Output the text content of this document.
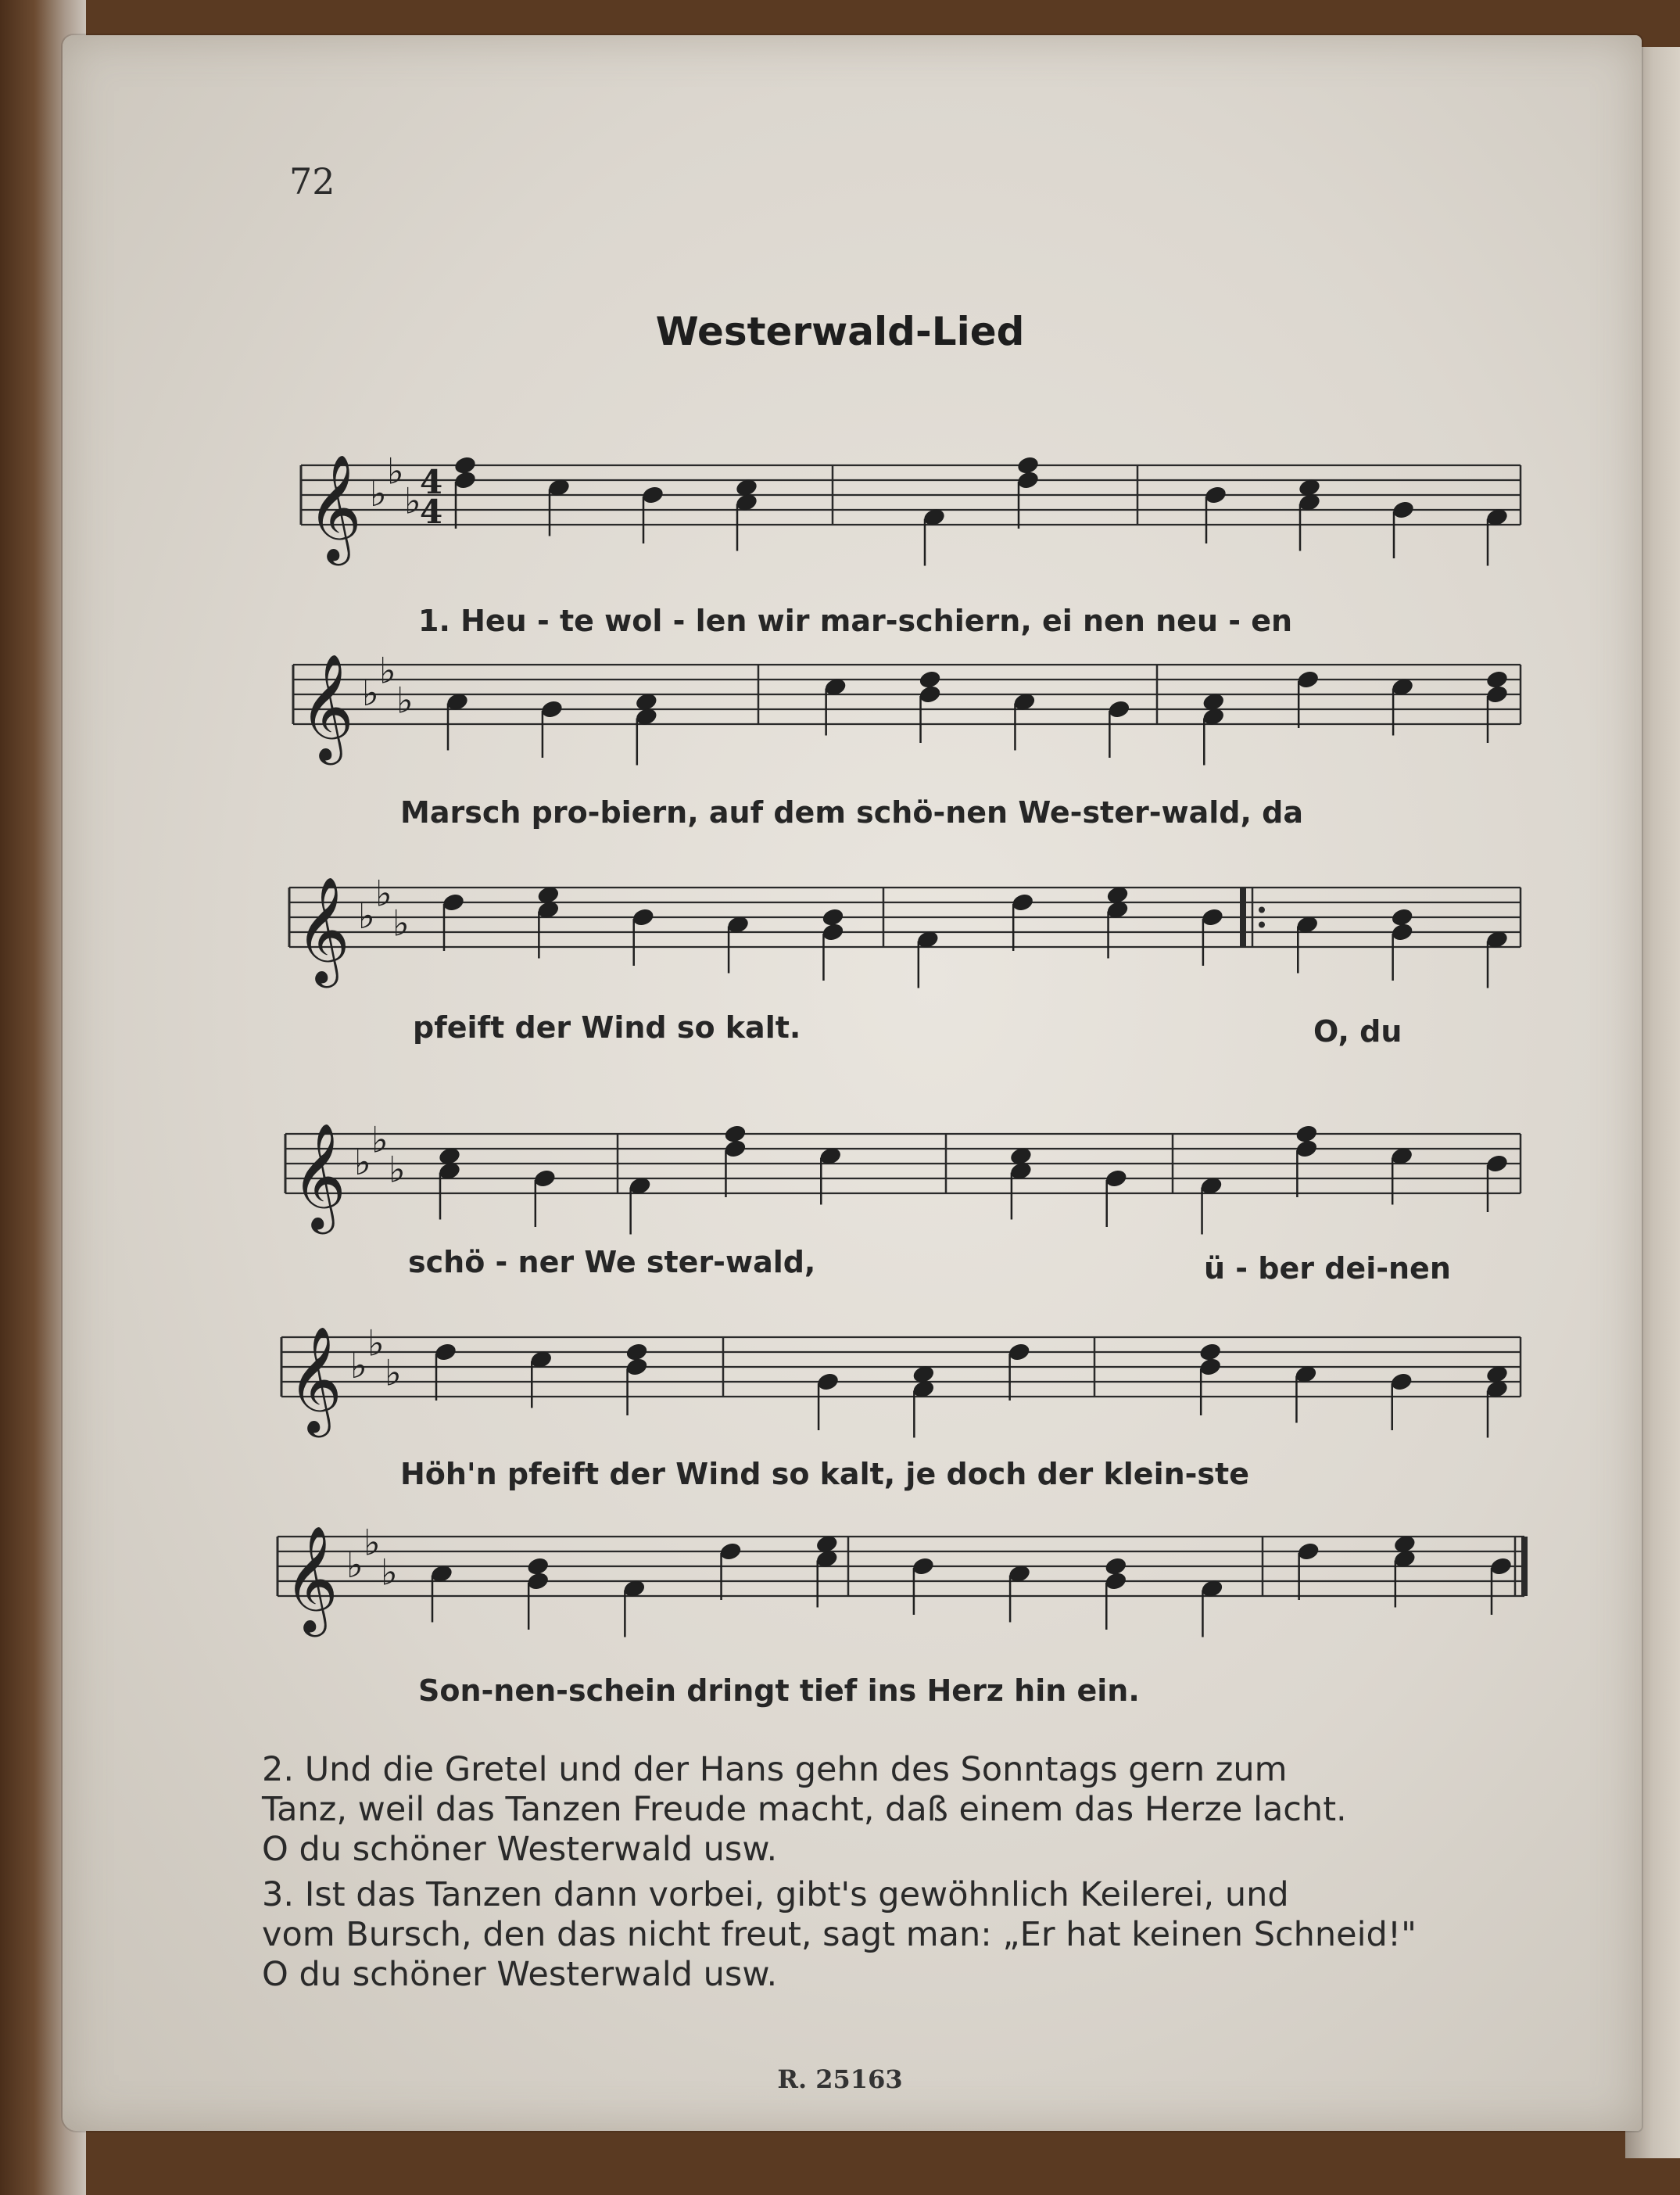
72
Westerwald-Lied
𝄞 ♭
♭
♭
4
4
𝄞 ♭
♭
♭
𝄞 ♭
♭
♭
𝄞 ♭
♭
♭
𝄞 ♭
♭
♭
𝄞 ♭
♭
♭
1. Heu - te wol - len wir mar-schiern, ei nen neu - en
Marsch pro-biern, auf dem schö-nen We-ster-wald, da
pfeift der Wind so kalt.	O, du
schö - ner We ster-wald,	ü - ber dei-nen
Höh'n pfeift der Wind so kalt, je doch der klein-ste
Son-nen-schein dringt tief ins Herz hin ein.
2. Und die Gretel und der Hans gehn des Sonntags gern zum
Tanz, weil das Tanzen Freude macht, daß einem das Herze lacht.
O du schöner Westerwald usw.
3. Ist das Tanzen dann vorbei, gibt's gewöhnlich Keilerei, und
vom Bursch, den das nicht freut, sagt man: „Er hat keinen Schneid!"
O du schöner Westerwald usw.
R. 25163
